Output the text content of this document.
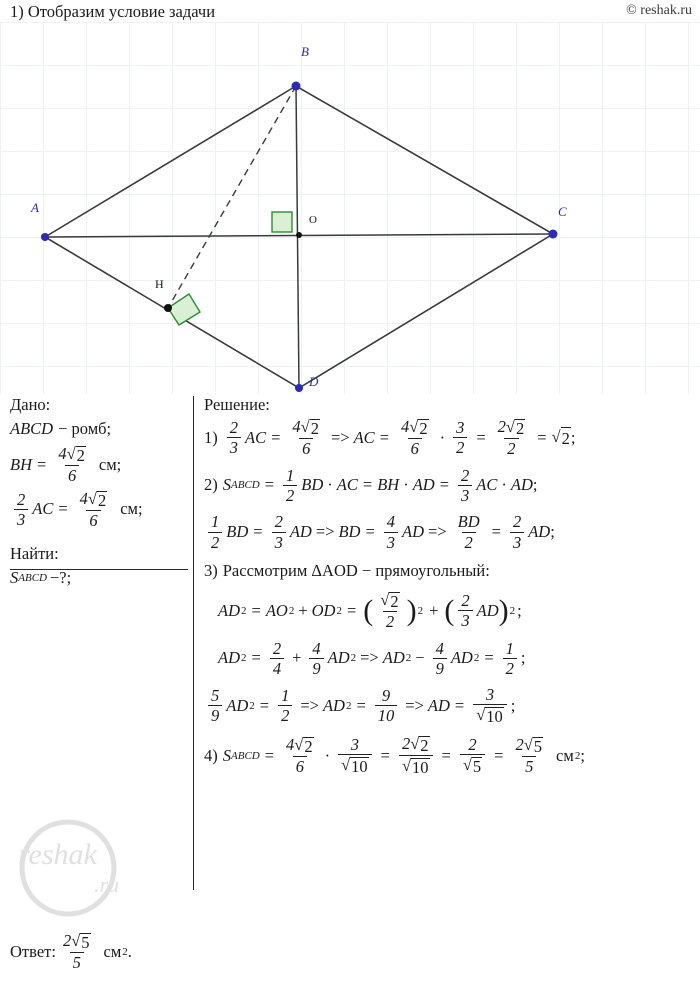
1) Отобразим условие задачи	© reshak.ru
A
B
C
D
O
H
reshak
.ru
Дано:
ABCD − ромб;
BH = $\frac{4 √ 2}{6}$ см;
$\frac{2}{3}$ AC = $\frac{4 √ 2}{6}$ см;
Найти:
S ABCD −?;
Решение:
$1) \frac{2}{3}$ AC = $\frac{4 √ 2}{6}$ => AC = $\frac{4 √ 2}{6} \cdot \frac{3}{2} = \frac{2 √ 2}{2}$ = √ 2 ;
2) S ABCD = $\frac{1}{2}$ BD · AC = BH · AD = $\frac{2}{3}$ AC · AD ;
$\frac{1}{2}$ BD = $\frac{2}{3}$ AD => BD = $\frac{4}{3}$ AD => $\frac{BD}{2} = \frac{2}{3}$ AD ;
3) Рассмотрим ΔAOD − прямоугольный:
AD 2 = AO 2 + OD 2 = ( $\frac{√ 2}{2}$ ) 2 + ( $\frac{2}{3}$ AD ) 2 ;
AD $2 = \frac{2}{4} + \frac{4}{9}$ AD 2 => AD $2 - \frac{4}{9}$ AD $2 = \frac{1}{2}$ ;
$\frac{5}{9}$ AD $2 = \frac{1}{2}$ => AD $2 = \frac{9}{10}$ => AD = $\frac{3}{√ 10}$ ;
4) S ABCD = $\frac{4 √ 2}{6} \cdot \frac{3}{√ 10} = \frac{2 √ 2}{√ 10} = \frac{2}{√ 5} = \frac{2 √ 5}{5}$ см 2 ;
Ответ: $\frac{2 √ 5}{5}$ см 2 .
